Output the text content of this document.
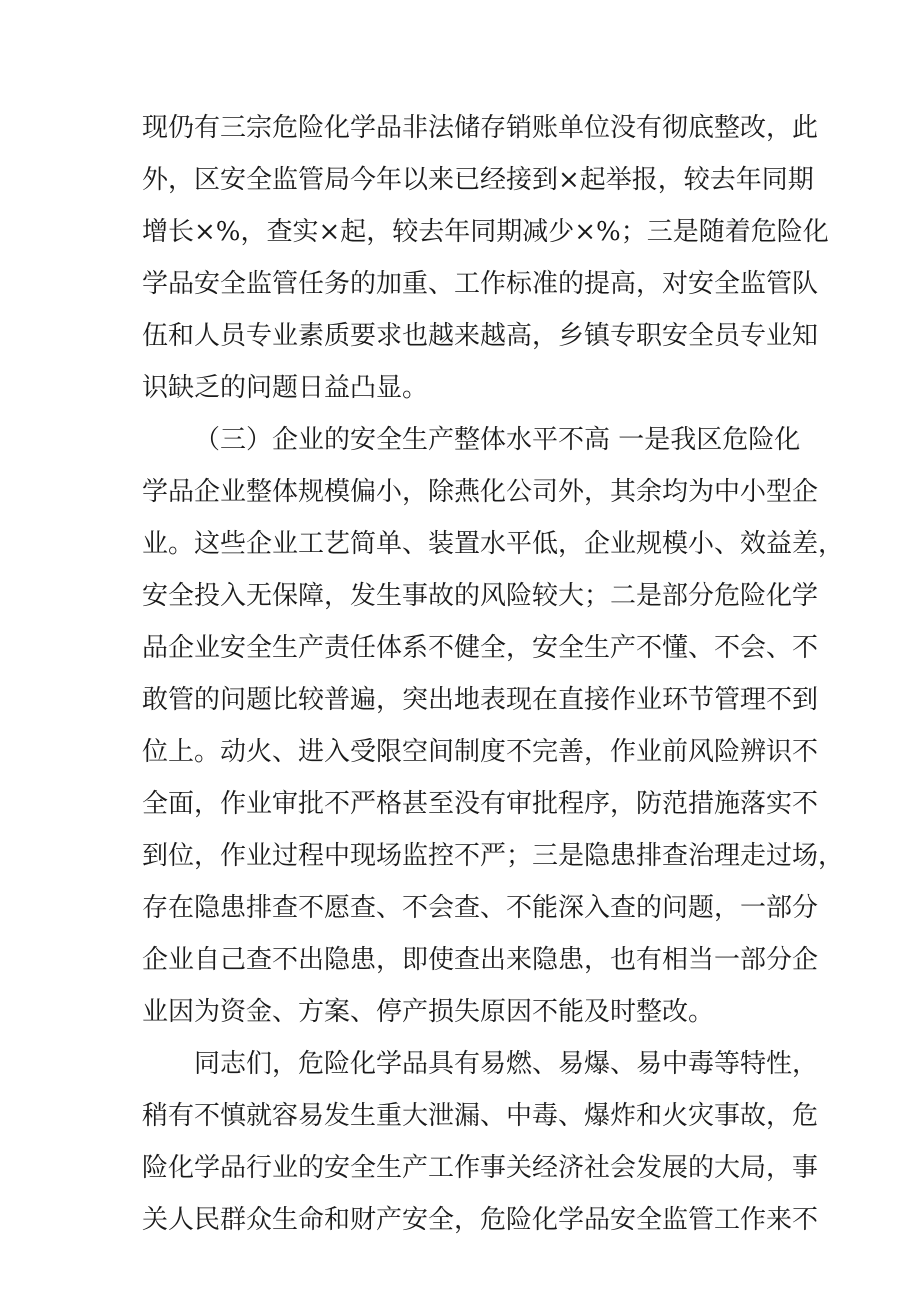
现仍有三宗危险化学品非法储存销账单位没有彻底整改，此
外，区安全监管局今年以来已经接到×起举报，较去年同期
增长×%，查实×起，较去年同期减少×%；三是随着危险化
学品安全监管任务的加重、工作标准的提高，对安全监管队
伍和人员专业素质要求也越来越高，乡镇专职安全员专业知
识缺乏的问题日益凸显。
（三）企业的安全生产整体水平不高 一是我区危险化
学品企业整体规模偏小，除燕化公司外，其余均为中小型企
业。这些企业工艺简单、装置水平低，企业规模小、效益差，
安全投入无保障，发生事故的风险较大；二是部分危险化学
品企业安全生产责任体系不健全，安全生产不懂、不会、不
敢管的问题比较普遍，突出地表现在直接作业环节管理不到
位上。动火、进入受限空间制度不完善，作业前风险辨识不
全面，作业审批不严格甚至没有审批程序，防范措施落实不
到位，作业过程中现场监控不严；三是隐患排查治理走过场，
存在隐患排查不愿查、不会查、不能深入查的问题，一部分
企业自己查不出隐患，即使查出来隐患，也有相当一部分企
业因为资金、方案、停产损失原因不能及时整改。
同志们，危险化学品具有易燃、易爆、易中毒等特性，
稍有不慎就容易发生重大泄漏、中毒、爆炸和火灾事故，危
险化学品行业的安全生产工作事关经济社会发展的大局，事
关人民群众生命和财产安全，危险化学品安全监管工作来不
